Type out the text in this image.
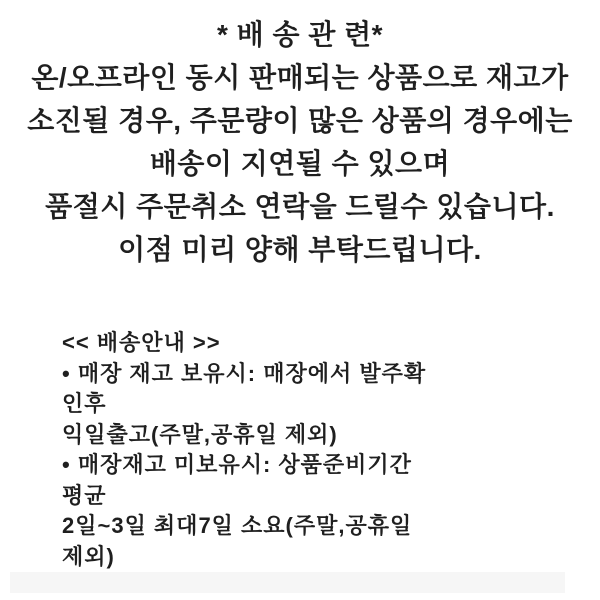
* 배 송 관 련*
온/오프라인 동시 판매되는 상품으로 재고가
소진될 경우, 주문량이 많은 상품의 경우에는
배송이 지연될 수 있으며
품절시 주문취소 연락을 드릴수 있습니다.
이점 미리 양해 부탁드립니다.
<< 배송안내 >>
• 매장 재고 보유시: 매장에서 발주확
인후
익일출고(주말,공휴일 제외)
• 매장재고 미보유시: 상품준비기간
평균
2일~3일 최대7일 소요(주말,공휴일
제외)
